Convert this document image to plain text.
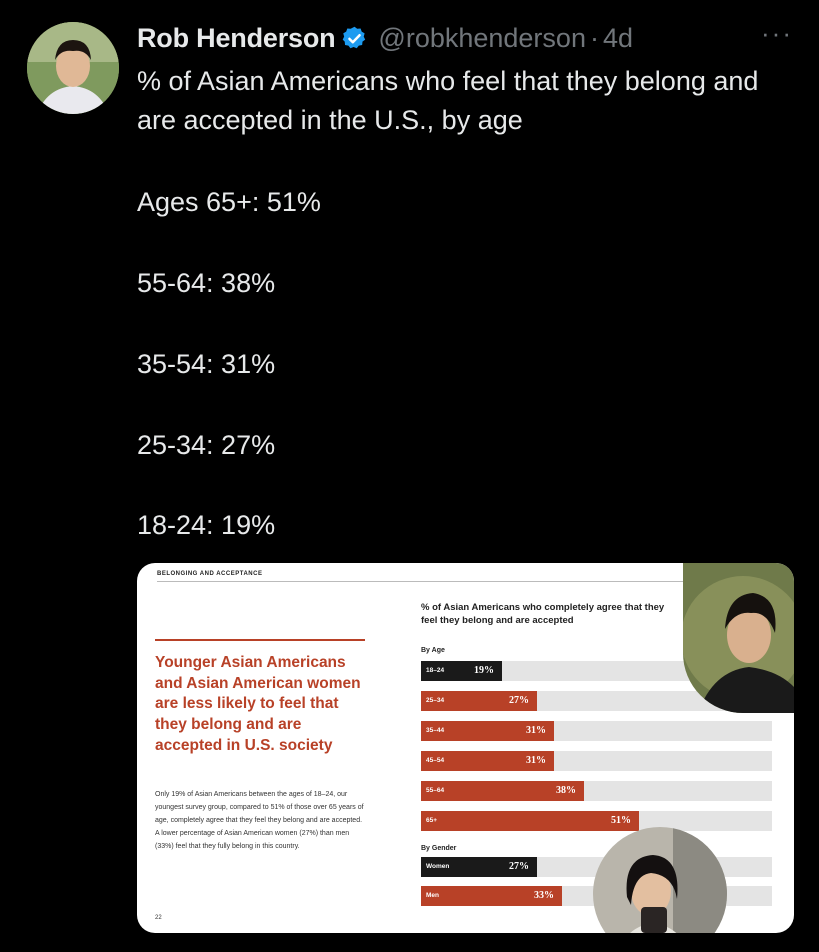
Rob Henderson @robkhenderson · 4d	···
% of Asian Americans who feel that they belong and are accepted in the U.S., by age
Ages 65+: 51%
55-64: 38%
35-54: 31%
25-34: 27%
18-24: 19%
BELONGING AND ACCEPTANCE
% of Asian Americans who completely agree that they feel they belong and are accepted
Younger Asian Americans and Asian American women are less likely to feel that they belong and are accepted in U.S. society
Only 19% of Asian Americans between the ages of 18–24, our youngest survey group, compared to 51% of those over 65 years of age, completely agree that they feel they belong and are accepted. A lower percentage of Asian American women (27%) than men (33%) feel that they fully belong in this country.
22
By Age
By Gender
18–24	19%
25–34	27%
35–44	31%
45–54	31%
55–64	38%
65+	51%
Women	27%
Men	33%
